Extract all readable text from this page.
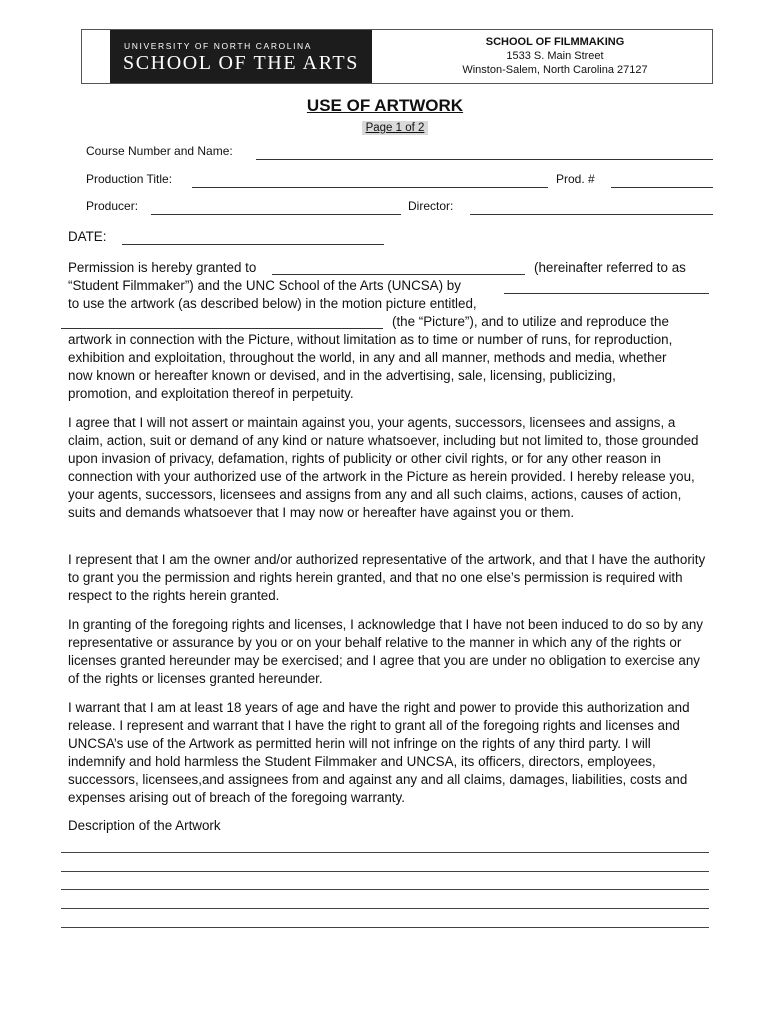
UNIVERSITY OF NORTH CAROLINA
SCHOOL OF THE ARTS
SCHOOL OF FILMMAKING
1533 S. Main Street
Winston-Salem, North Carolina 27127
USE OF ARTWORK
Page 1 of 2
Course Number and Name:
Production Title:	Prod. #
Producer:	Director:
DATE:
Permission is hereby granted to	(hereinafter referred to as
“Student Filmmaker”) and the UNC School of the Arts (UNCSA) by
to use the artwork (as described below) in the motion picture entitled,
(the “Picture”), and to utilize and reproduce the
artwork in connection with the Picture, without limitation as to time or number of runs, for reproduction,
exhibition and exploitation, throughout the world, in any and all manner, methods and media, whether
now known or hereafter known or devised, and in the advertising, sale, licensing, publicizing,
promotion, and exploitation thereof in perpetuity.
I agree that I will not assert or maintain against you, your agents, successors, licensees and assigns, a claim, action, suit or demand of any kind or nature whatsoever, including but not limited to, those grounded upon invasion of privacy, defamation, rights of publicity or other civil rights, or for any other reason in connection with your authorized use of the artwork in the Picture as herein provided. I hereby release you, your agents, successors, licensees and assigns from any and all such claims, actions, causes of action, suits and demands whatsoever that I may now or hereafter have against you or them.
I represent that I am the owner and/or authorized representative of the artwork, and that I have the authority to grant you the permission and rights herein granted, and that no one else’s permission is required with respect to the rights herein granted.
In granting of the foregoing rights and licenses, I acknowledge that I have not been induced to do so by any representative or assurance by you or on your behalf relative to the manner in which any of the rights or licenses granted hereunder may be exercised; and I agree that you are under no obligation to exercise any of the rights or licenses granted hereunder.
I warrant that I am at least 18 years of age and have the right and power to provide this authorization and release. I represent and warrant that I have the right to grant all of the foregoing rights and licenses and UNCSA’s use of the Artwork as permitted herin will not infringe on the rights of any third party. I will indemnify and hold harmless the Student Filmmaker and UNCSA, its officers, directors, employees, successors, licensees,and assignees from and against any and all claims, damages, liabilities, costs and expenses arising out of breach of the foregoing warranty.
Description of the Artwork
